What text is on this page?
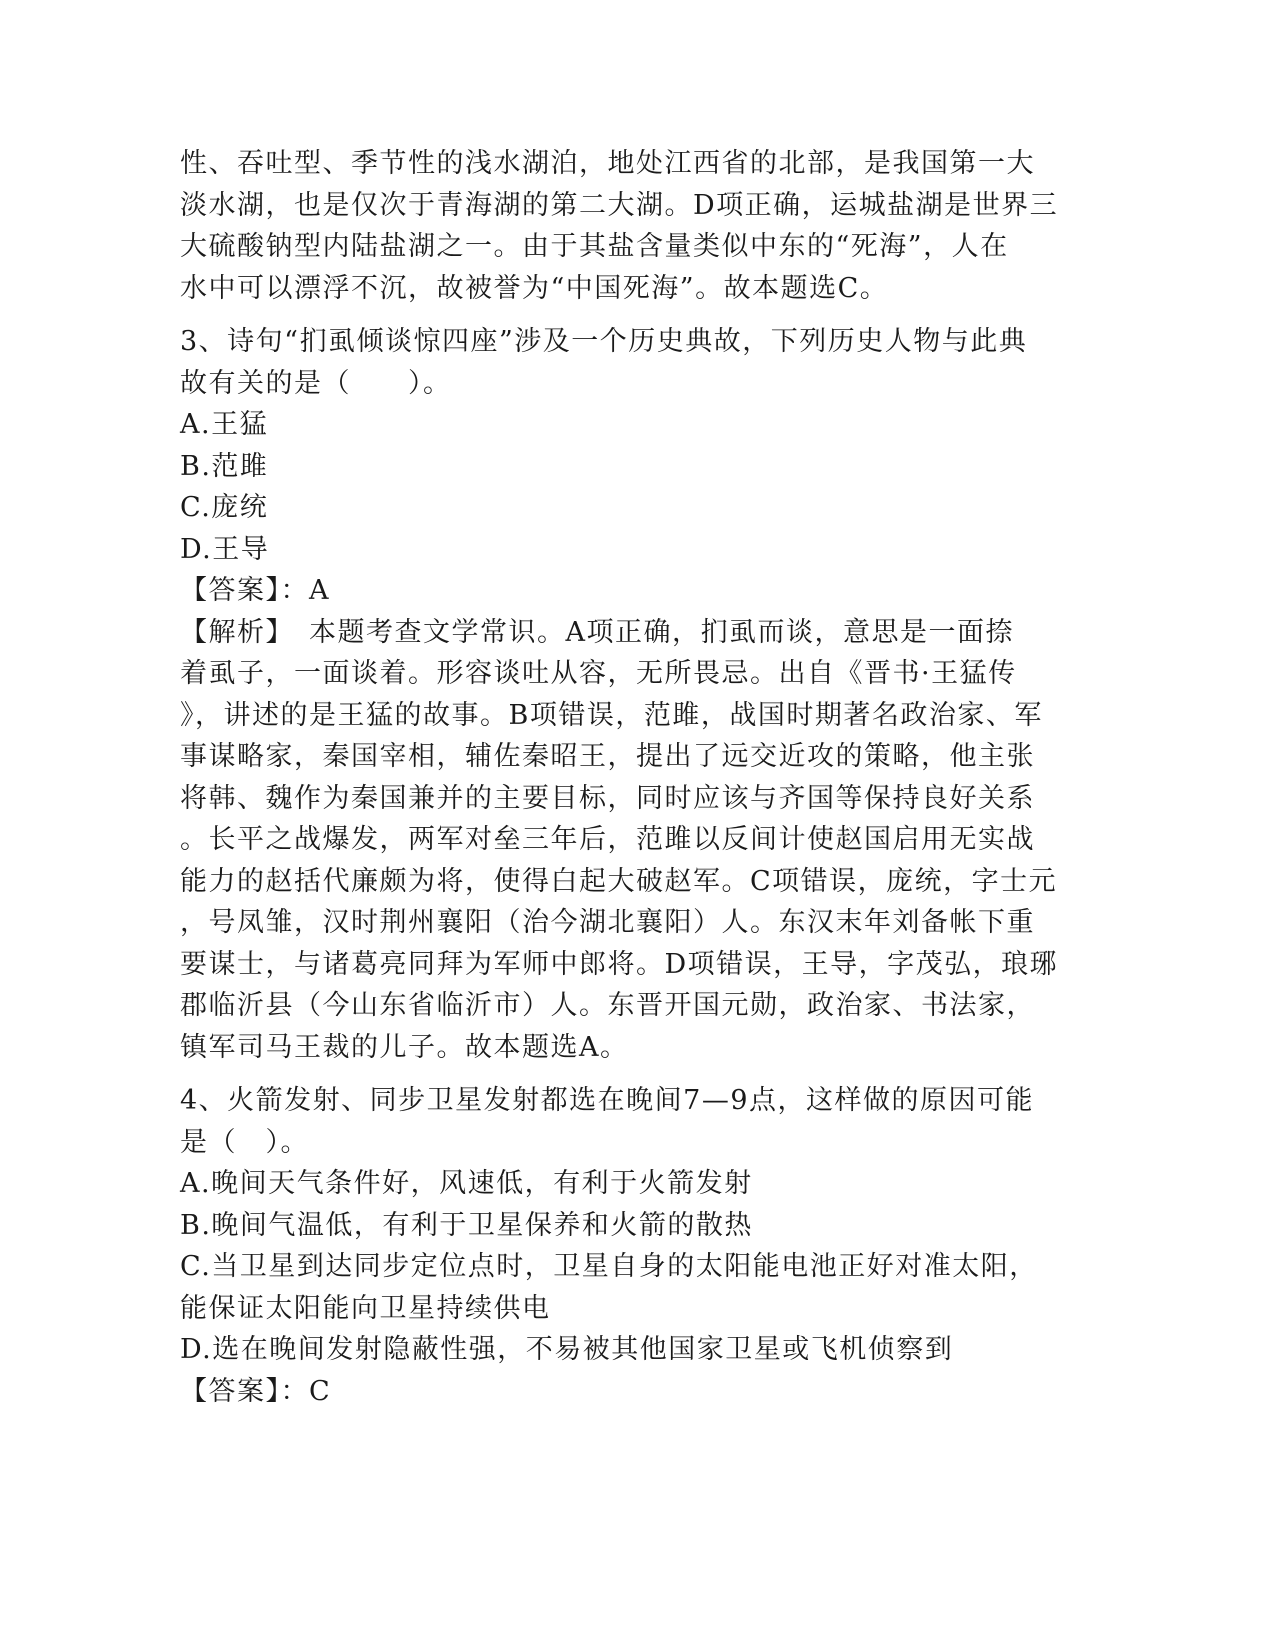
性、吞吐型、季节性的浅水湖泊，地处江西省的北部，是我国第一大
淡水湖，也是仅次于青海湖的第二大湖。D项正确，运城盐湖是世界三
大硫酸钠型内陆盐湖之一。由于其盐含量类似中东的“死海”，人在
水中可以漂浮不沉，故被誉为“中国死海”。故本题选C。
3、诗句“扪虱倾谈惊四座”涉及一个历史典故，下列历史人物与此典
故有关的是（　　）。
A.王猛
B.范雎
C.庞统
D.王导
【答案】：A
【解析】　本题考查文学常识。A项正确，扪虱而谈，意思是一面捺
着虱子，一面谈着。形容谈吐从容，无所畏忌。出自《晋书·王猛传
》，讲述的是王猛的故事。B项错误，范雎，战国时期著名政治家、军
事谋略家，秦国宰相，辅佐秦昭王，提出了远交近攻的策略，他主张
将韩、魏作为秦国兼并的主要目标，同时应该与齐国等保持良好关系
。长平之战爆发，两军对垒三年后，范雎以反间计使赵国启用无实战
能力的赵括代廉颇为将，使得白起大破赵军。C项错误，庞统，字士元
，号凤雏，汉时荆州襄阳（治今湖北襄阳）人。东汉末年刘备帐下重
要谋士，与诸葛亮同拜为军师中郎将。D项错误，王导，字茂弘，琅琊
郡临沂县（今山东省临沂市）人。东晋开国元勋，政治家、书法家，
镇军司马王裁的儿子。故本题选A。
4、火箭发射、同步卫星发射都选在晚间7—9点，这样做的原因可能
是（　）。
A.晚间天气条件好，风速低，有利于火箭发射
B.晚间气温低，有利于卫星保养和火箭的散热
C.当卫星到达同步定位点时，卫星自身的太阳能电池正好对准太阳，
能保证太阳能向卫星持续供电
D.选在晚间发射隐蔽性强，不易被其他国家卫星或飞机侦察到
【答案】：C
